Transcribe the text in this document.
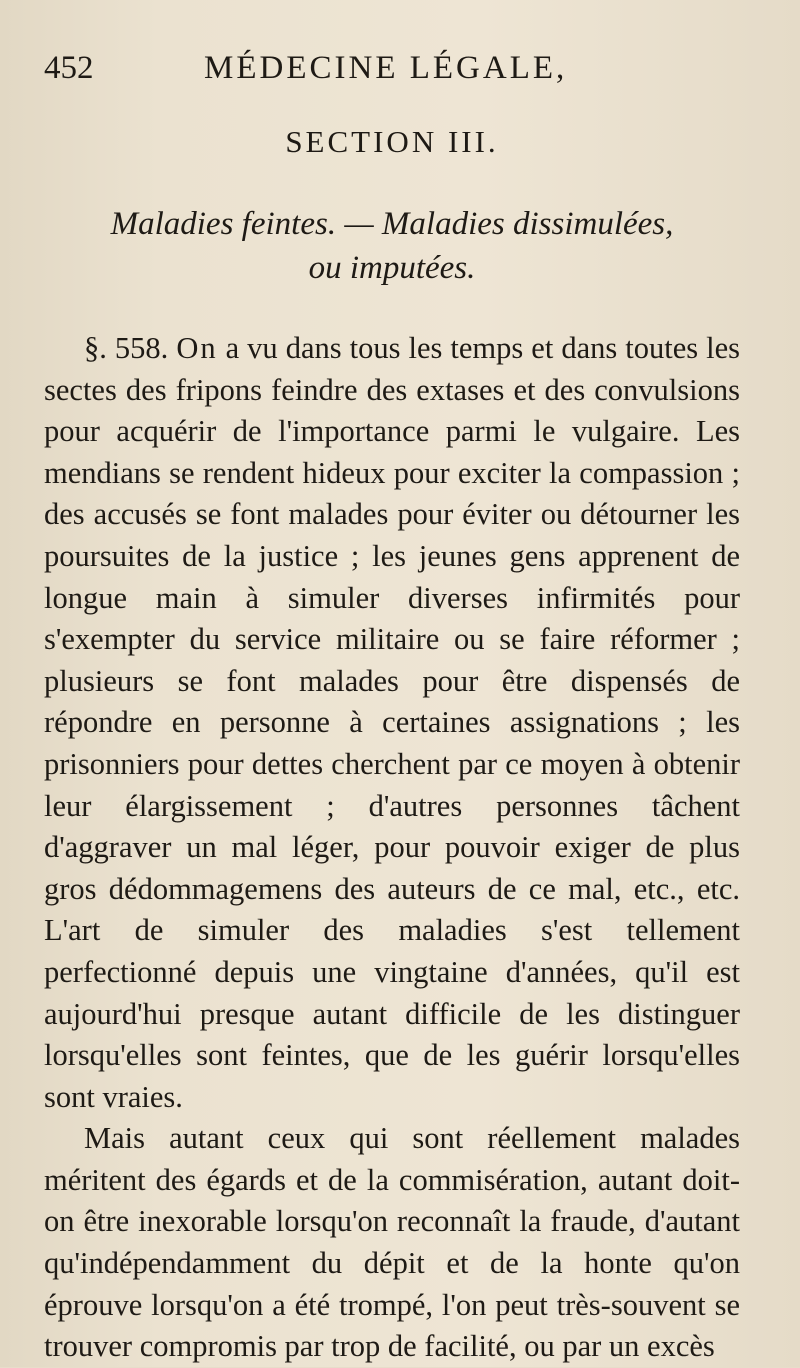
452	MÉDECINE LÉGALE,
SECTION III.
Maladies feintes. — Maladies dissimulées,
ou imputées.

§. 558. On a vu dans tous les temps et dans toutes les sectes des fripons feindre des extases et des convulsions pour acquérir de l'importance parmi le vulgaire. Les mendians se rendent hideux pour exciter la compassion ; des accusés se font malades pour éviter ou détourner les poursuites de la justice ; les jeunes gens apprenent de longue main à simuler diverses infirmités pour s'exempter du service militaire ou se faire réformer ; plusieurs se font malades pour être dispensés de répondre en personne à certaines assignations ; les prisonniers pour dettes cherchent par ce moyen à obtenir leur élargissement ; d'autres personnes tâchent d'aggraver un mal léger, pour pouvoir exiger de plus gros dédommagemens des auteurs de ce mal, etc., etc. L'art de simuler des maladies s'est tellement perfectionné depuis une vingtaine d'années, qu'il est aujourd'hui presque autant difficile de les distinguer lorsqu'elles sont feintes, que de les guérir lorsqu'elles sont vraies.

Mais autant ceux qui sont réellement malades méritent des égards et de la commisération, autant doit-on être inexorable lorsqu'on reconnaît la fraude, d'autant qu'indépendamment du dépit et de la honte qu'on éprouve lorsqu'on a été trompé, l'on peut très-souvent se trouver compromis par trop de facilité, ou par un excès
